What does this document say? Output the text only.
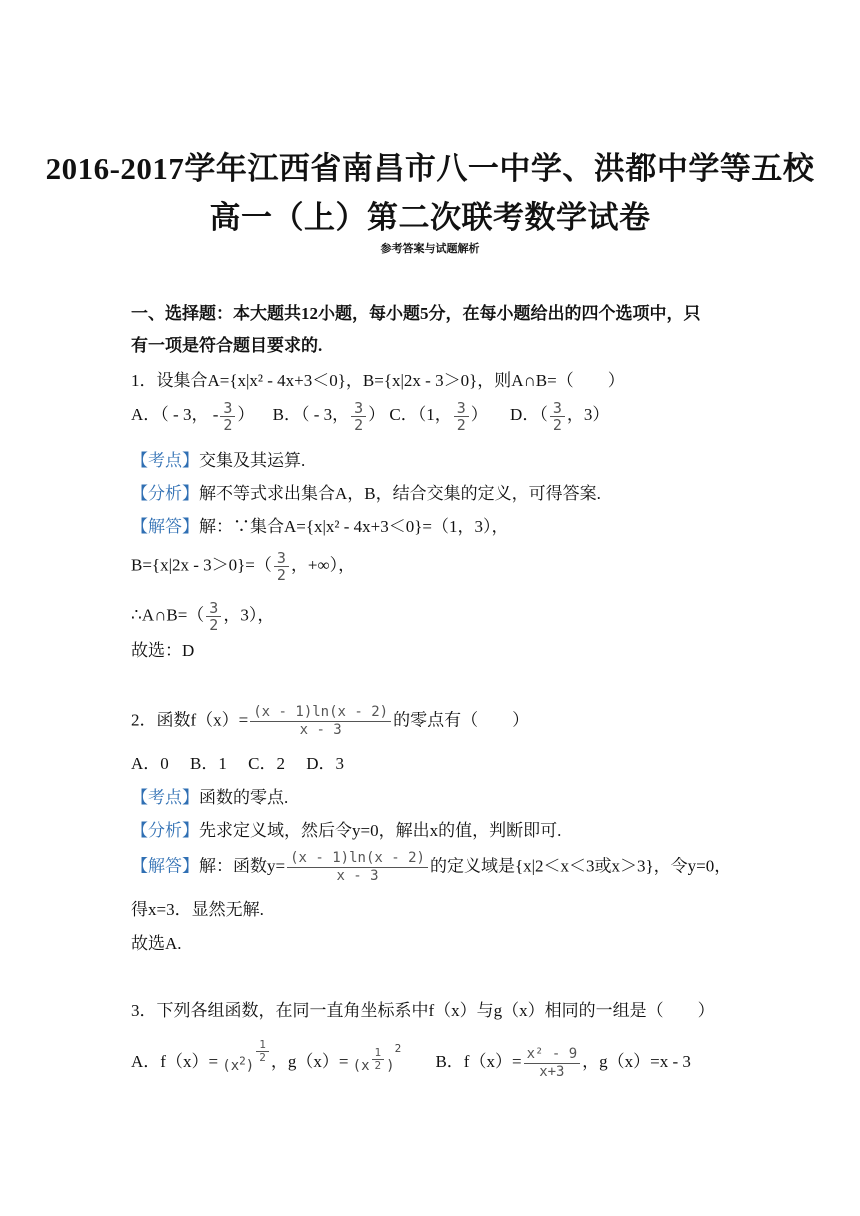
2016-2017学年江西省南昌市八一中学、洪都中学等五校
高一（上）第二次联考数学试卷
参考答案与试题解析
一、选择题：本大题共12小题，每小题5分，在每小题给出的四个选项中，只
有一项是符合题目要求的.
1．设集合A={x|x² - 4x+3＜0}，B={x|2x - 3＞0}，则A∩B=（　　）
A．（ - 3， - $\frac{3}{2}$ ） B．（ - 3， $\frac{3}{2}$ ） C．（1， $\frac{3}{2}$ ） D．（ $\frac{3}{2}$ ，3）
【考点】交集及其运算.
【分析】解不等式求出集合A，B，结合交集的定义，可得答案.
【解答】解：∵集合A={x|x² - 4x+3＜0}=（1，3），
$B=\{x|2x - 3>0\}=( \frac{3}{2}$ ，+∞），
∴A∩B=（ $\frac{3}{2}$ ，3），
故选：D
2．函数$f(x)= \frac{(x - 1)\ln(x - 2)}{x - 3}$ 的零点有（　　）
A．0　 B．1　 C．2　 D．3
【考点】函数的零点.
【分析】先求定义域，然后令y=0，解出x的值，判断即可.
【解答】解：函数$y= \frac{(x - 1)\ln(x - 2)}{x - 3}$ 的定义域是{x|2＜x＜3或x＞3}，令y=0，
得x=3．显然无解.
故选A.
3．下列各组函数，在同一直角坐标系中f（x）与g（x）相同的一组是（　　）
A．$f(x)= (x^2)$
$^{\frac{1}{2}}$ ，g（x）= (x $^{\frac{1}{2}}$ )$^2$ B．$f(x)= \frac{\text{x² - 9}}{x+3}$ ，g（x）=x - 3
